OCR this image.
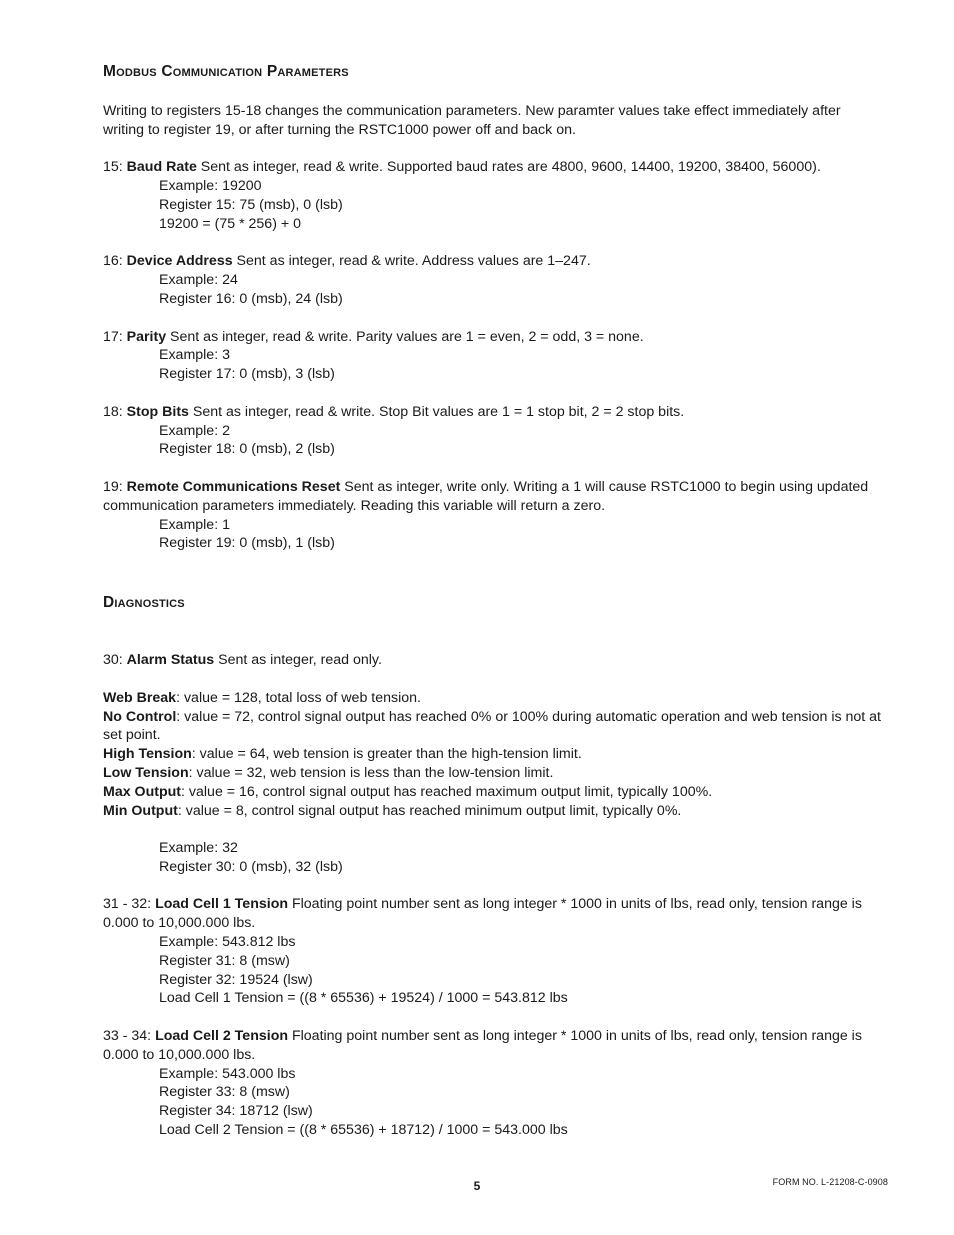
Modbus Communication Parameters

Writing to registers 15-18 changes the communication parameters. New paramter values take effect immediately after writing to register 19, or after turning the RSTC1000 power off and back on.

15: Baud Rate Sent as integer, read & write. Supported baud rates are 4800, 9600, 14400, 19200, 38400, 56000).

Example: 19200

Register 15: 75 (msb), 0 (lsb)

19200 = (75 * 256) + 0

16: Device Address Sent as integer, read & write. Address values are 1–247.

Example: 24

Register 16: 0 (msb), 24 (lsb)

17: Parity Sent as integer, read & write. Parity values are 1 = even, 2 = odd, 3 = none.

Example: 3

Register 17: 0 (msb), 3 (lsb)

18: Stop Bits Sent as integer, read & write. Stop Bit values are 1 = 1 stop bit, 2 = 2 stop bits.

Example: 2

Register 18: 0 (msb), 2 (lsb)

19: Remote Communications Reset Sent as integer, write only. Writing a 1 will cause RSTC1000 to begin using updated communication parameters immediately. Reading this variable will return a zero.

Example: 1

Register 19: 0 (msb), 1 (lsb)

Diagnostics

30: Alarm Status Sent as integer, read only.

Web Break: value = 128, total loss of web tension.

No Control: value = 72, control signal output has reached 0% or 100% during automatic operation and web tension is not at set point.

High Tension: value = 64, web tension is greater than the high-tension limit.

Low Tension: value = 32, web tension is less than the low-tension limit.

Max Output: value = 16, control signal output has reached maximum output limit, typically 100%.

Min Output: value = 8, control signal output has reached minimum output limit, typically 0%.

Example: 32

Register 30: 0 (msb), 32 (lsb)

31 - 32: Load Cell 1 Tension Floating point number sent as long integer * 1000 in units of lbs, read only, tension range is 0.000 to 10,000.000 lbs.

Example: 543.812 lbs

Register 31: 8 (msw)

Register 32: 19524 (lsw)

Load Cell 1 Tension = ((8 * 65536) + 19524) / 1000 = 543.812 lbs

33 - 34: Load Cell 2 Tension Floating point number sent as long integer * 1000 in units of lbs, read only, tension range is 0.000 to 10,000.000 lbs.

Example: 543.000 lbs

Register 33: 8 (msw)

Register 34: 18712 (lsw)

Load Cell 2 Tension = ((8 * 65536) + 18712) / 1000 = 543.000 lbs

5	FORM NO. L-21208-C-0908
